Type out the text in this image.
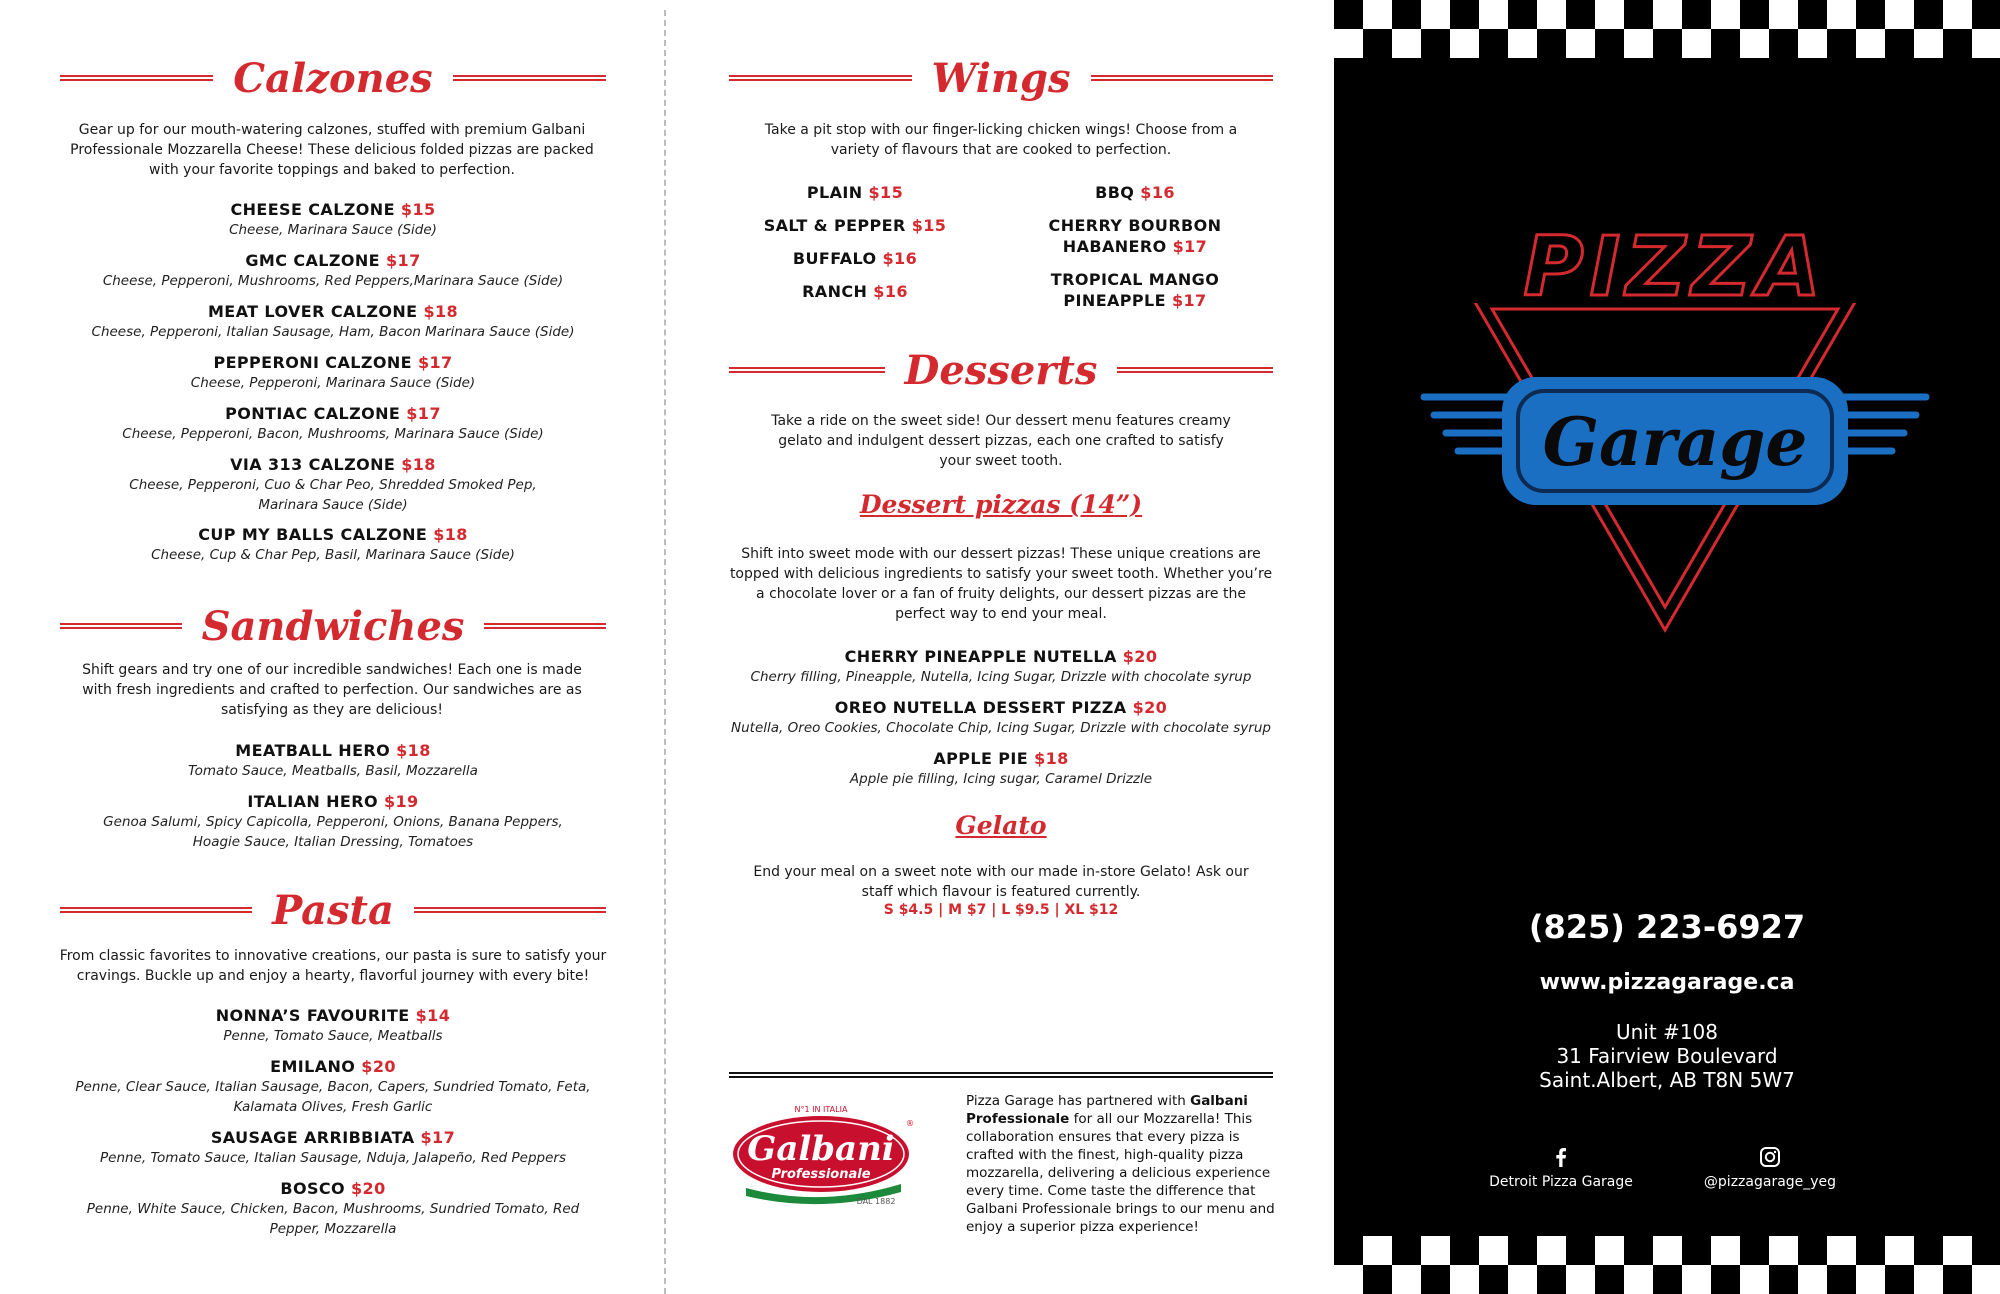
Calzones
Gear up for our mouth-watering calzones, stuffed with premium Galbani Professionale Mozzarella Cheese! These delicious folded pizzas are packed with your favorite toppings and baked to perfection.
CHEESE CALZONE $15
Cheese, Marinara Sauce (Side)
GMC CALZONE $17
Cheese, Pepperoni, Mushrooms, Red Peppers,Marinara Sauce (Side)
MEAT LOVER CALZONE $18
Cheese, Pepperoni, Italian Sausage, Ham, Bacon Marinara Sauce (Side)
PEPPERONI CALZONE $17
Cheese, Pepperoni, Marinara Sauce (Side)
PONTIAC CALZONE $17
Cheese, Pepperoni, Bacon, Mushrooms, Marinara Sauce (Side)
VIA 313 CALZONE $18
Cheese, Pepperoni, Cuo & Char Peo, Shredded Smoked Pep, Marinara Sauce (Side)
CUP MY BALLS CALZONE $18
Cheese, Cup & Char Pep, Basil, Marinara Sauce (Side)
Sandwiches
Shift gears and try one of our incredible sandwiches! Each one is made with fresh ingredients and crafted to perfection. Our sandwiches are as satisfying as they are delicious!
MEATBALL HERO $18
Tomato Sauce, Meatballs, Basil, Mozzarella
ITALIAN HERO $19
Genoa Salumi, Spicy Capicolla, Pepperoni, Onions, Banana Peppers, Hoagie Sauce, Italian Dressing, Tomatoes
Pasta
From classic favorites to innovative creations, our pasta is sure to satisfy your cravings. Buckle up and enjoy a hearty, flavorful journey with every bite!
NONNA’S FAVOURITE $14
Penne, Tomato Sauce, Meatballs
EMILANO $20
Penne, Clear Sauce, Italian Sausage, Bacon, Capers, Sundried Tomato, Feta, Kalamata Olives, Fresh Garlic
SAUSAGE ARRIBBIATA $17
Penne, Tomato Sauce, Italian Sausage, Nduja, Jalapeño, Red Peppers
BOSCO $20
Penne, White Sauce, Chicken, Bacon, Mushrooms, Sundried Tomato, Red Pepper, Mozzarella
Wings
Take a pit stop with our finger-licking chicken wings! Choose from a variety of flavours that are cooked to perfection.
PLAIN $15
SALT & PEPPER $15
BUFFALO $16
RANCH $16
BBQ $16
CHERRY BOURBON HABANERO $17
TROPICAL MANGO PINEAPPLE $17
Desserts
Take a ride on the sweet side! Our dessert menu features creamy gelato and indulgent dessert pizzas, each one crafted to satisfy your sweet tooth.
Dessert pizzas (14”)
Shift into sweet mode with our dessert pizzas! These unique creations are topped with delicious ingredients to satisfy your sweet tooth. Whether you’re a chocolate lover or a fan of fruity delights, our dessert pizzas are the perfect way to end your meal.
CHERRY PINEAPPLE NUTELLA $20
Cherry filling, Pineapple, Nutella, Icing Sugar, Drizzle with chocolate syrup
OREO NUTELLA DESSERT PIZZA $20
Nutella, Oreo Cookies, Chocolate Chip, Icing Sugar, Drizzle with chocolate syrup
APPLE PIE $18
Apple pie filling, Icing sugar, Caramel Drizzle
Gelato
End your meal on a sweet note with our made in-store Gelato! Ask our staff which flavour is featured currently.
S $4.5 | M $7 | L $9.5 | XL $12
N°1 IN ITALIA
Galbani
Professionale
®
DAL 1882
Pizza Garage has partnered with Galbani Professionale for all our Mozzarella! This collaboration ensures that every pizza is crafted with the finest, high-quality pizza mozzarella, delivering a delicious experience every time. Come taste the difference that Galbani Professionale brings to our menu and enjoy a superior pizza experience!
PIZZA
Garage
(825) 223-6927
www.pizzagarage.ca
Unit #108
31 Fairview Boulevard
Saint.Albert, AB T8N 5W7
Detroit Pizza Garage	@pizzagarage_yeg
